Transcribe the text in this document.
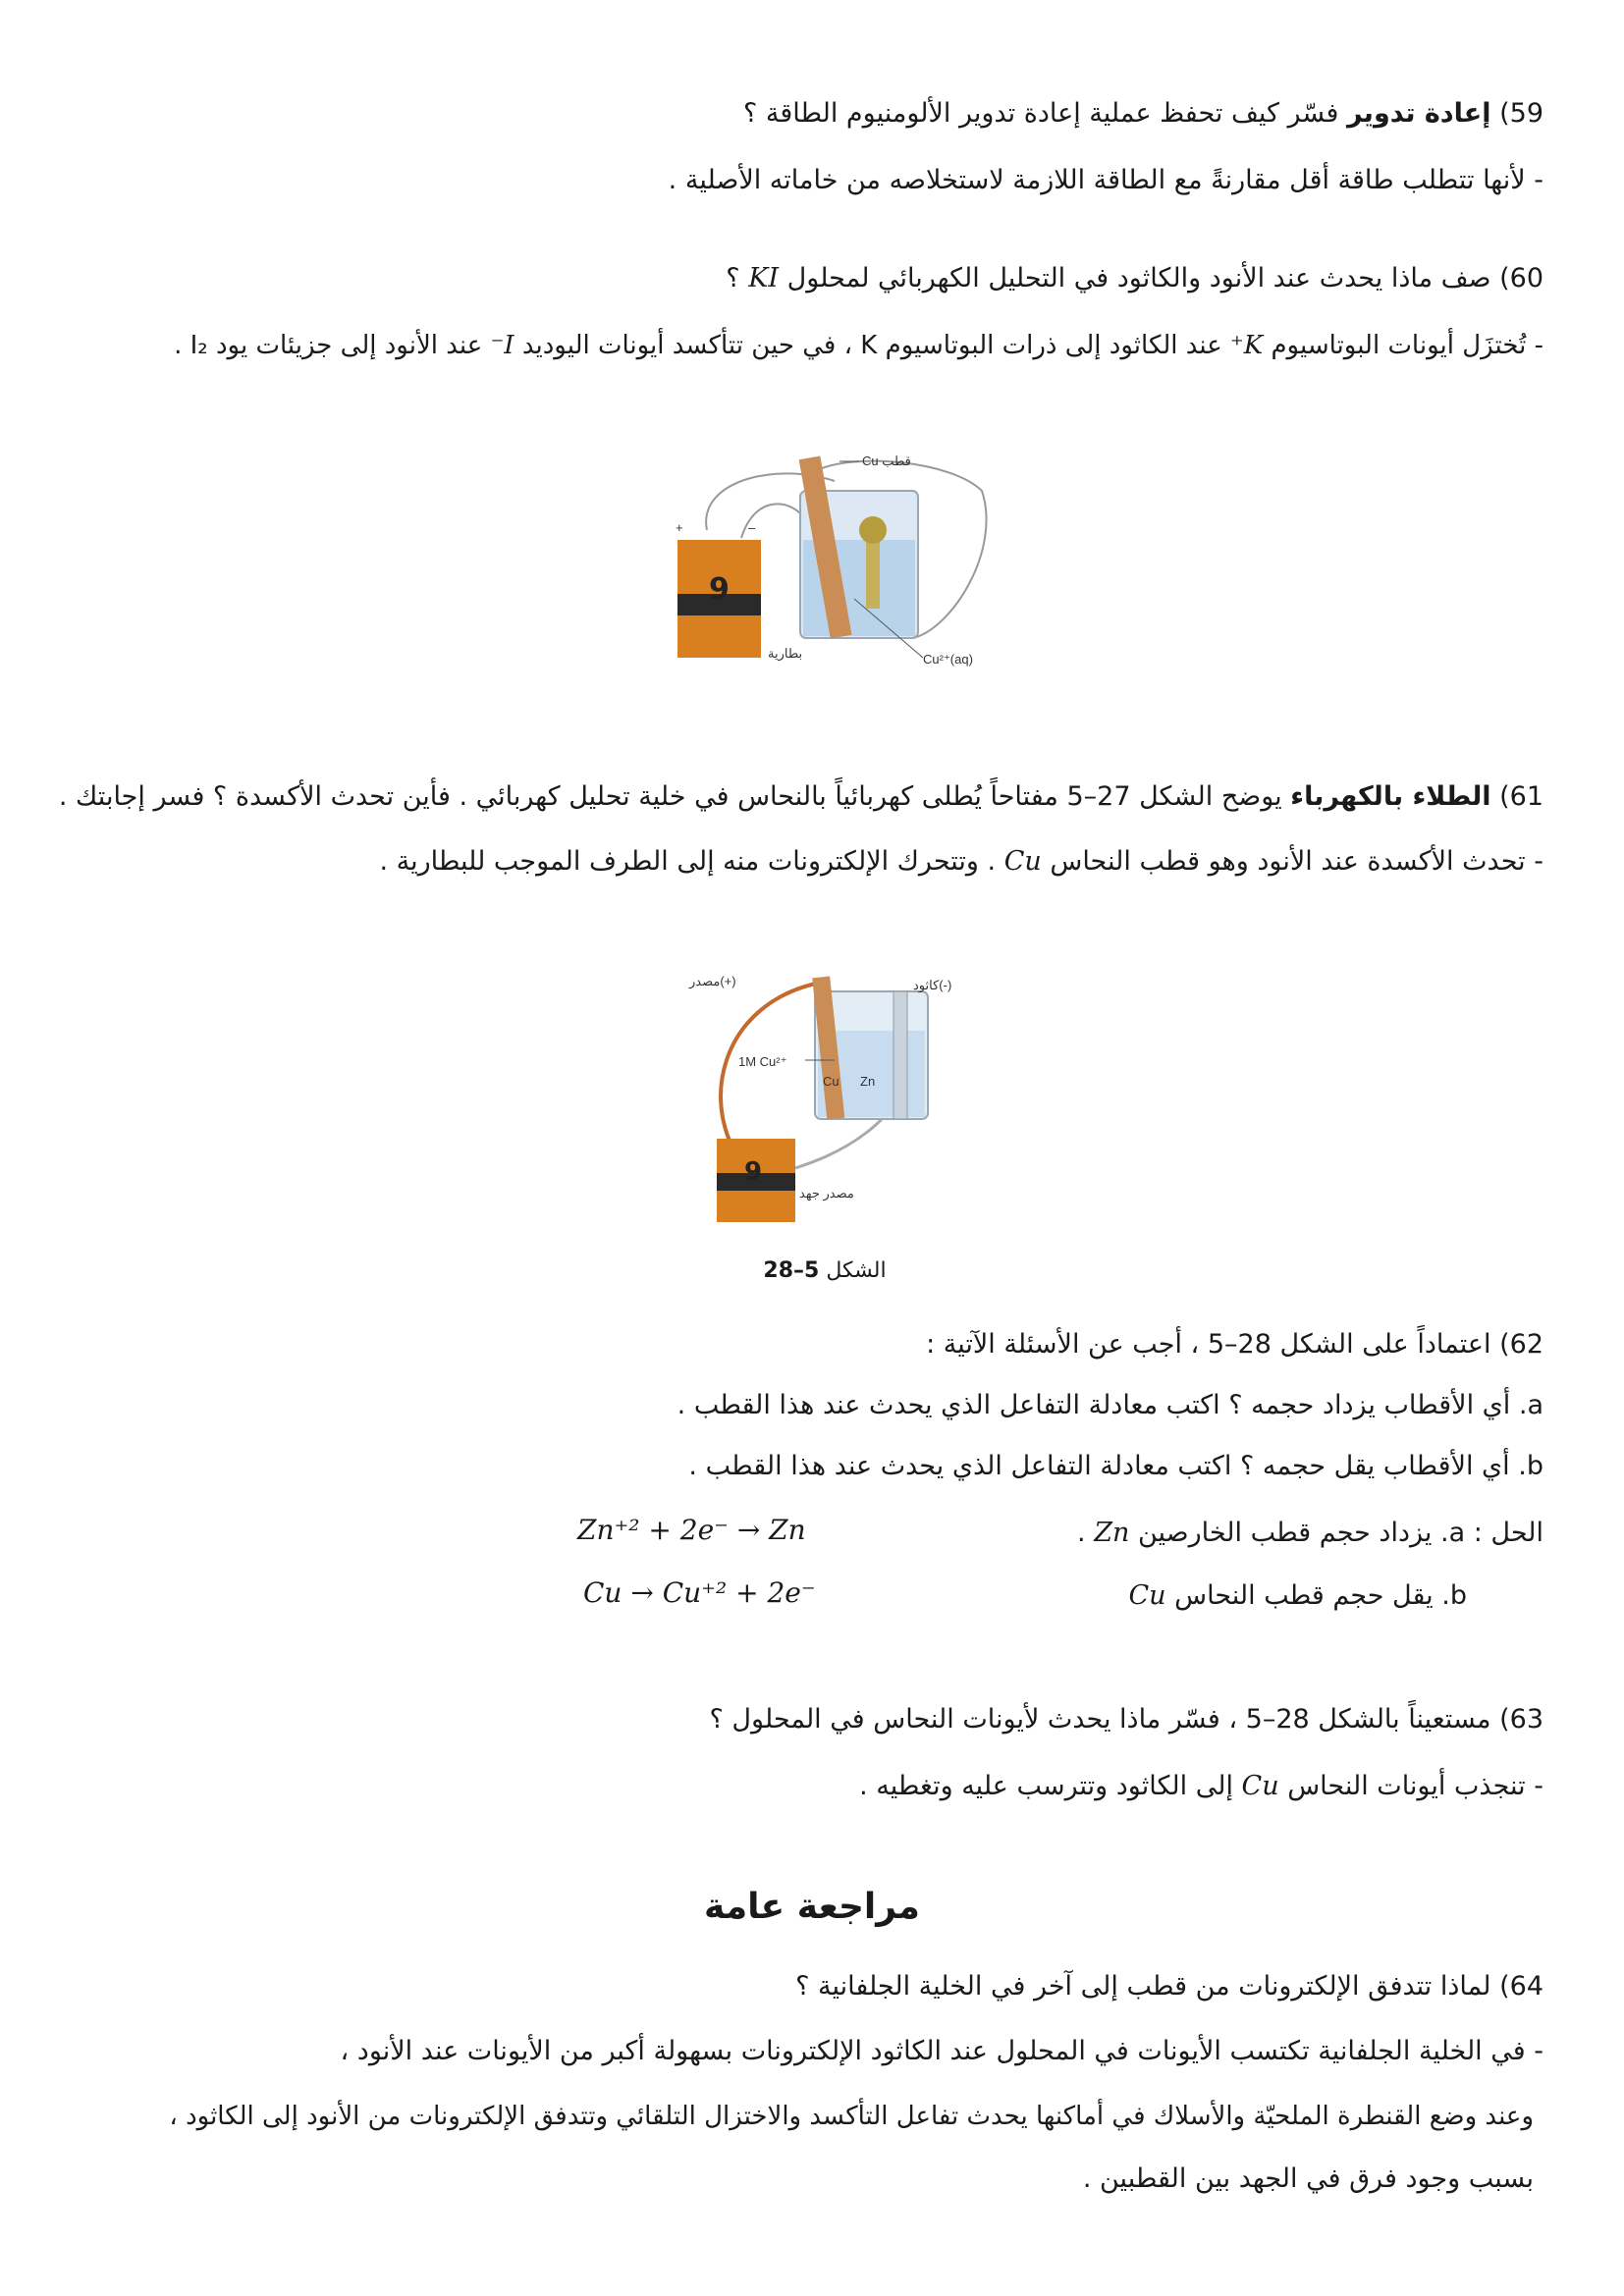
59) إعادة تدوير فسّر كيف تحفظ عملية إعادة تدوير الألومنيوم الطاقة ؟
- لأنها تتطلب طاقة أقل مقارنةً مع الطاقة اللازمة لاستخلاصه من خاماته الأصلية .
60) صف ماذا يحدث عند الأنود والكاثود في التحليل الكهربائي لمحلول KI ؟
- تُختزَل أيونات البوتاسيوم K⁺ عند الكاثود إلى ذرات البوتاسيوم K ، في حين تتأكسد أيونات اليوديد I⁻ عند الأنود إلى جزيئات يود I₂ .
9
+	–
بطارية
Cu قطب
Cu²⁺(aq)
61) الطلاء بالكهرباء يوضح الشكل 27–5 مفتاحاً يُطلى كهربائياً بالنحاس في خلية تحليل كهربائي . فأين تحدث الأكسدة ؟ فسر إجابتك .
- تحدث الأكسدة عند الأنود وهو قطب النحاس Cu . وتتحرك الإلكترونات منه إلى الطرف الموجب للبطارية .
9
مصدر(+)	كاثود(-)
1M Cu²⁺
Cu Zn
مصدر جهد
الشكل 5–28
62) اعتماداً على الشكل 28–5 ، أجب عن الأسئلة الآتية :
a. أي الأقطاب يزداد حجمه ؟ اكتب معادلة التفاعل الذي يحدث عند هذا القطب .
b. أي الأقطاب يقل حجمه ؟ اكتب معادلة التفاعل الذي يحدث عند هذا القطب .
الحل : a. يزداد حجم قطب الخارصين Zn .
b. يقل حجم قطب النحاس Cu
Zn⁺² + 2e⁻ → Zn
Cu → Cu⁺² + 2e⁻
63) مستعيناً بالشكل 28–5 ، فسّر ماذا يحدث لأيونات النحاس في المحلول ؟
- تنجذب أيونات النحاس Cu إلى الكاثود وتترسب عليه وتغطيه .
مراجعة عامة
64) لماذا تتدفق الإلكترونات من قطب إلى آخر في الخلية الجلفانية ؟
- في الخلية الجلفانية تكتسب الأيونات في المحلول عند الكاثود الإلكترونات بسهولة أكبر من الأيونات عند الأنود ،
وعند وضع القنطرة الملحيّة والأسلاك في أماكنها يحدث تفاعل التأكسد والاختزال التلقائي وتتدفق الإلكترونات من الأنود إلى الكاثود ،
بسبب وجود فرق في الجهد بين القطبين .
